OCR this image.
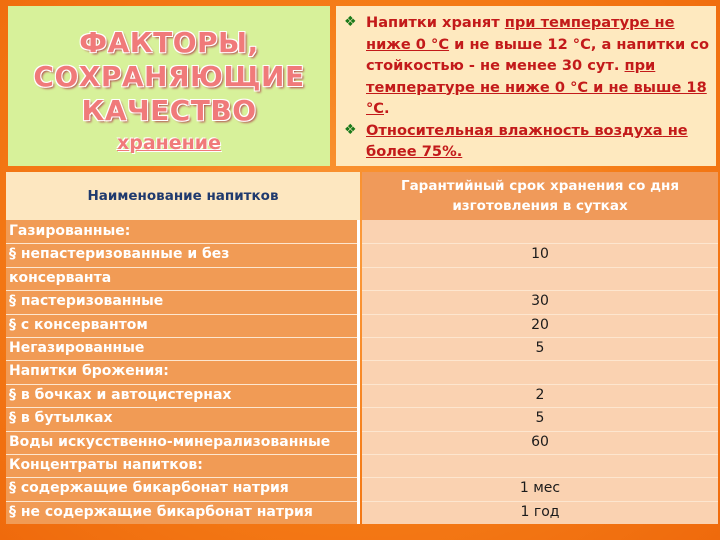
ФАКТОРЫ,
СОХРАНЯЮЩИЕ
КАЧЕСТВО
хранение
❖ Напитки хранят при температуре не ниже 0 °С и не выше 12 °С, а напитки со стойкостью - не менее 30 сут. при температуре не ниже 0 °С и не выше 18 °С.
❖ Относительная влажность воздуха не более 75%.
Наименование напитков
Гарантийный срок хранения со дня
изготовления в сутках
Газированные:
§ непастеризованные и без
консерванта
§ пастеризованные
§ с консервантом
Негазированные
Напитки брожения:
§ в бочках и автоцистернах
§ в бутылках
Воды искусственно-минерализованные
Концентраты напитков:
§ содержащие бикарбонат натрия
§ не содержащие бикарбонат натрия
10
30
20
5
2
5
60
1 мес
1 год
